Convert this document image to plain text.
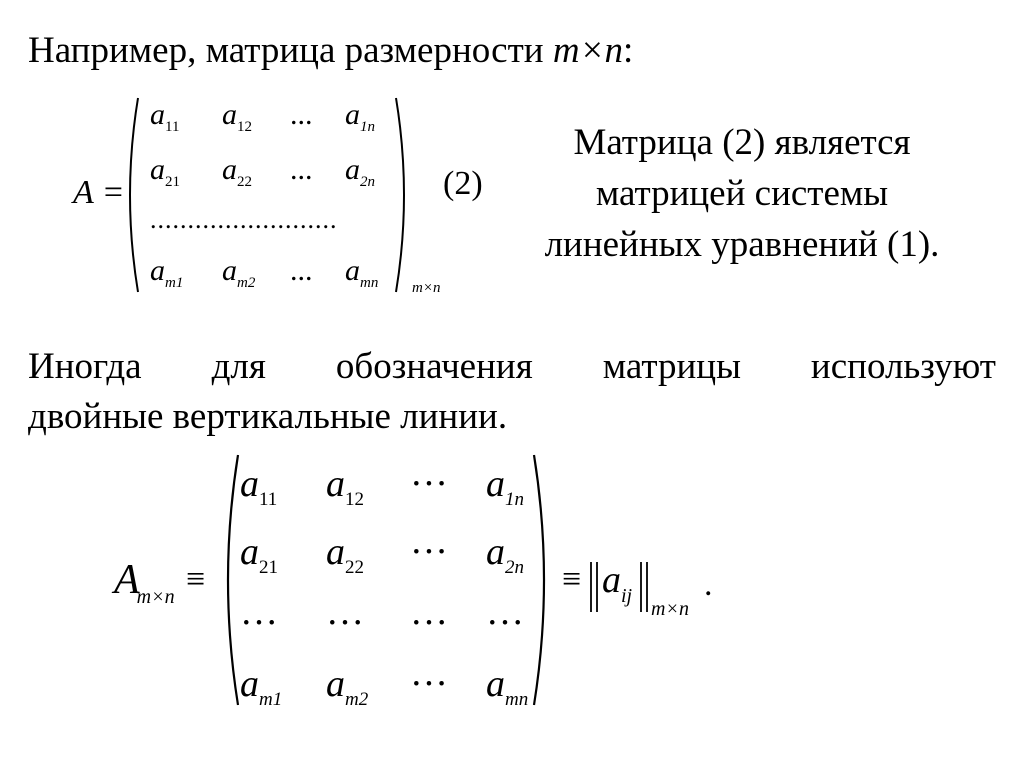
Например, матрица размерности m×n:
A =
$a_{11}$ $a_{12}$ ... $a_{1n}$
$a_{21}$ $a_{22}$ ... $a_{2n}$
$a_{m1}$ $a_{m2}$ ... $a_{mn}$
.........................
m×n
(2)
Матрица (2) является
матрицей системы
линейных уравнений (1).
Иногда для обозначения матрицы используют
двойные вертикальные линии.
$A_{m\times n}$ ≡
$a_{11}$ $a_{12}$ ··· $a_{1n}$
$a_{21}$ $a_{22}$ ··· $a_{2n}$
… … … …
$a_{m1}$ $a_{m2}$ ··· $a_{mn}$
≡ $a_{ij}$
m×n
.
